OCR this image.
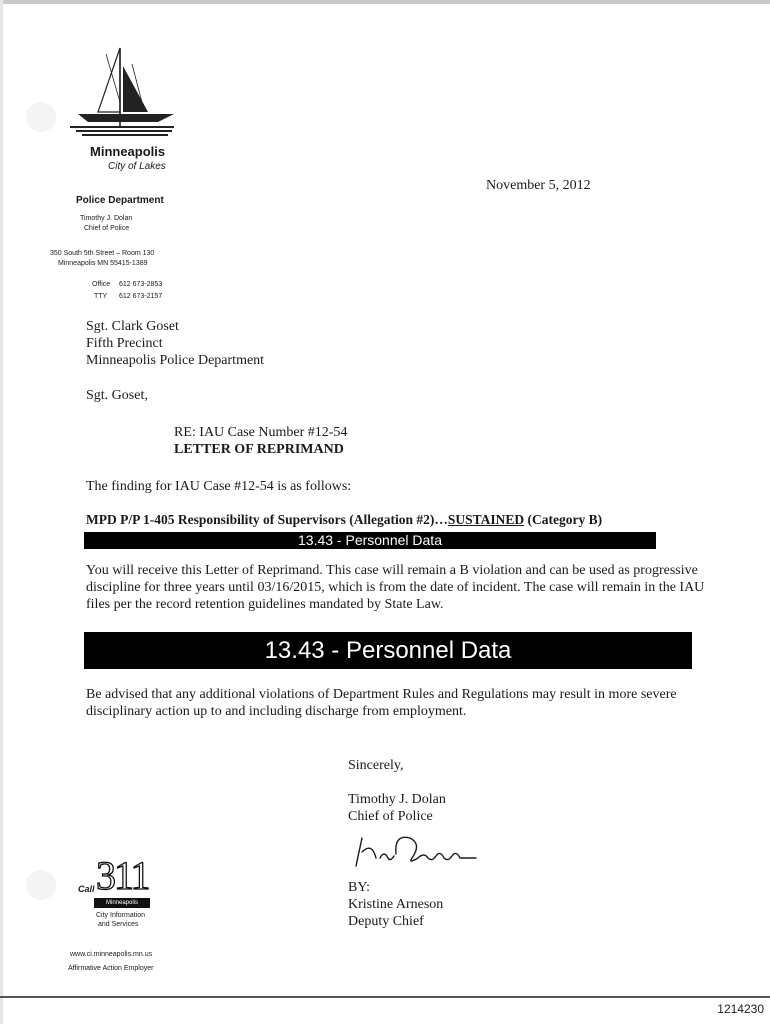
Minneapolis
City of Lakes
Police Department
Timothy J. Dolan
Chief of Police
350 South 5th Street – Room 130
Minneapolis MN 55415-1389
Office 612 673-2853
TTY 612 673-2157
November 5, 2012
Sgt. Clark Goset
Fifth Precinct
Minneapolis Police Department
Sgt. Goset,
RE: IAU Case Number #12-54
LETTER OF REPRIMAND
The finding for IAU Case #12-54 is as follows:
MPD P/P 1-405 Responsibility of Supervisors (Allegation #2)…SUSTAINED (Category B)
13.43 - Personnel Data
You will receive this Letter of Reprimand. This case will remain a B violation and can be used as progressive discipline for three years until 03/16/2015, which is from the date of incident. The case will remain in the IAU files per the record retention guidelines mandated by State Law.
13.43 - Personnel Data
Be advised that any additional violations of Department Rules and Regulations may result in more severe disciplinary action up to and including discharge from employment.
Sincerely,
Timothy J. Dolan
Chief of Police
BY:
Kristine Arneson
Deputy Chief
Call 311
Minneapolis
City Information
and Services
www.ci.minneapolis.mn.us
Affirmative Action Employer
1214230
